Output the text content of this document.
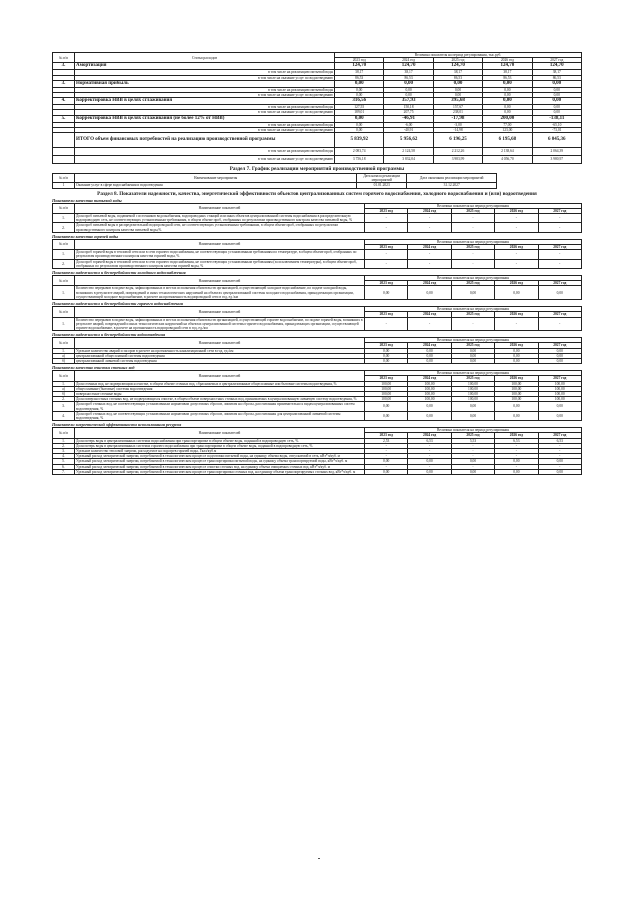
№ п/п	Статьи расходов	Величина показателя на период регулирования, тыс.руб.				
		2023 год	2024 год	2025 год	2026 год	2027 год
3.	Амортизация	124,70	124,70	124,70	124,70	124,70
	в том числе на реализацию питьевой воды	38,17	38,17	38,17	38,17	38,17
	в том числе на оказание услуг по водоотведению	86,53	86,53	86,53	86,53	86,53
3.	Нормативная прибыль	0,00	0,00	0,00	0,00	0,00
	в том числе на реализацию питьевой воды	0,00	0,00	0,00	0,00	0,00
	в том числе на оказание услуг по водоотведению	0,00	0,00	0,00	0,00	0,00
4.	Корректировка НВВ в целях сглаживания	316,56	357,93	395,68	0,00	0,00
	в том числе на реализацию питьевой воды	127,55	150,18	157,67	0,00	0,00
	в том числе на оказание услуг по водоотведению	189,01	207,75	238,01	0,00	0,00
5.	Корректировка НВВ в целях сглаживания (не более 12% от НВВ)	0,00	-46,91	-17,98	200,00	-138,11
	в том числе на реализацию питьевой воды	0,00	-6,00	-3,00	77,00	-65,10
	в том числе на оказание услуг по водоотведению	0,00	-40,91	-14,98	123,00	-73,01
	ИТОГО объем финансовых потребностей на реализацию производственной программы	5 839,92	5 956,62	6 196,25	6 195,68	6 045,36
	в том числе на реализацию питьевой воды	2 083,74	2 124,58	2 212,26	2 138,64	2 064,39
	в том числе на оказание услуг по водоотведению	3 756,18	3 832,04	3 983,99	4 056,70	3 980,97
Раздел 7. График реализации мероприятий производственной программы
№ п/п	Наименование мероприятия	Дата начала реализации мероприятий	Дата окончания реализации мероприятий
1	Оказание услуг в сфере водоснабжения и водоотведения	01.01.2023	31.12.2027
Раздел 8. Показатели надежности, качества, энергетической эффективности объектов централизованных систем горячего водоснабжения, холодного водоснабжения и (или) водоотведения
Показатели качества питьевой воды
№ п/п	Наименование показателей	Величина показателя на период регулирования				
		2023 год	2024 год	2025 год	2026 год	2027 год
1.	Доля проб питьевой воды, подаваемой с источников водоснабжения, водопроводных станций или иных объектов централизованной системы водоснабжения в распределительную водопроводную сеть, не соответствующих установленным требованиям, в общем объеме проб, отобранных по результатам производственного контроля качества питьевой воды, %	-	-	-	-	-
2.	Доля проб питьевой воды в распределительной водопроводной сети, не соответствующих установленным требованиям, в общем объеме проб, отобранных по результатам производственного контроля качества питьевой воды,%	-	-	-	-	-
Показатели качества горячей воды
№ п/п	Наименование показателей	Величина показателя на период регулирования				
		2023 год	2024 год	2025 год	2026 год	2027 год
1.	Доля проб горячей воды в тепловой сети или в сети горячего водоснабжения, не соответствующих установленным требованиям по температуре, в общем объеме проб, отобранных по результатам производственного контроля качества горячей воды, %	-	-	-	-	-
2.	Доля проб горячей воды в тепловой сети или в сети горячего водоснабжения, не соответствующих установленным требованиям (за исключением температуры), в общем объеме проб, отобранных по результатам производственного контроля качества горячей воды, %	-	-	-	-	-
Показатели надежности и бесперебойности холодного водоснабжения
№ п/п	Наименование показателей	Величина показателя на период регулирования				
		2023 год	2024 год	2025 год	2026 год	2027 год
1.	Количество перерывов в подаче воды, зафиксированных в местах исполнения обязательств организацией, осуществляющей холодное водоснабжение, по подаче холодной воды, возникших в результате аварий, повреждений и иных технологических нарушений на объектах централизованной системы холодного водоснабжения, принадлежащих организации, осуществляющей холодное водоснабжение, в расчете на протяженность водопроводной сети в год, ед./км	0,00	0,00	0,00	0,00	0,00
Показатели надежности и бесперебойности горячего водоснабжения
№ п/п	Наименование показателей	Величина показателя на период регулирования				
		2023 год	2024 год	2025 год	2026 год	2027 год
1.	Количество перерывов в подаче воды, зафиксированных в местах исполнения обязательств организацией, осуществляющей горячее водоснабжение, по подаче горячей воды, возникших в результате аварий, повреждений и иных технологических нарушений на объектах централизованной системы горячего водоснабжения, принадлежащих организации, осуществляющей горячее водоснабжение, в расчете на протяженность водопроводной сети в год, ед./км	-	-	-	-	-
Показатели надежности и бесперебойности водоотведения
№ п/п	Наименование показателей	Величина показателя на период регулирования				
		2023 год	2024 год	2025 год	2026 год	2027 год
1.	Удельное количество аварий и засоров в расчете на протяженность канализационной сети в год, ед./км	0,00	0,00	0,00	0,00	0,00
а)	централизованной общесплавной системы водоотведения	0,00	0,00	0,00	0,00	0,00
б)	централизованной ливневой системы водоотведения	0,00	0,00	0,00	0,00	0,00
Показатели качества очистки сточных вод
№ п/п	Наименование показателей	Величина показателя на период регулирования				
		2023 год	2024 год	2025 год	2026 год	2027 год
1.	Доля сточных вод, не подвергающихся очистке, в общем объеме сточных вод, сбрасываемых в централизованные общесплавные или бытовые системы водоотведения, %	100,00	100,00	100,00	100,00	100,00
а)	общесплавные (бытовые) системы водоотведения	100,00	100,00	100,00	100,00	100,00
б)	поверхностные сточные воды	100,00	100,00	100,00	100,00	100,00
2.	Доля поверхностных сточных вод, не подвергающихся очистке, в общем объеме поверхностных сточных вод, принимаемых в централизованную ливневую систему водоотведения, %	100,00	100,00	100,00	100,00	100,00
3.	Доля проб сточных вод, не соответствующих установленным нормативам допустимых сбросов, лимитам на сбросы, рассчитанная применительно к видам централизованных систем водоотведения, %	0,00	0,00	0,00	0,00	0,00
4.	Доля проб сточных вод, не соответствующих установленным нормативам допустимых сбросов, лимитам на сбросы, рассчитанная для централизованной ливневой системы водоотведения, %	0,00	0,00	0,00	0,00	0,00
Показатели энергетической эффективности использования ресурсов
№ п/п	Наименование показателей	Величина показателя на период регулирования				
		2023 год	2024 год	2025 год	2026 год	2027 год
1.	Доля потерь воды в централизованных системах водоснабжения при транспортировке в общем объеме воды, поданной в водопроводную сеть, %	2,53	6,53	5,53	6,53	6,53
2.	Доля потерь воды в централизованных системах горячего водоснабжения при транспортировке в общем объеме воды, поданной в водопроводную сеть, %	-	-	-	-	-
3.	Удельное количество тепловой энергии, расходуемое на подогрев горячей воды, Гкал/куб.м	-	-	-	-	-
4.	Удельный расход электрической энергии, потребляемой в технологическом процессе подготовки питьевой воды, на единицу объема воды, отпускаемой в сеть, кВт*ч/куб. м	-	-	-	-	-
5.	Удельный расход электрической энергии, потребляемой в технологическом процессе транспортировки питьевой воды, на единицу объема транспортируемой воды, кВт*ч/куб. м	0,00	0,00	0,00	0,00	0,00
6.	Удельный расход электрической энергии, потребляемой в технологическом процессе очистки сточных вод, на единицу объема очищаемых сточных вод, кВт*ч/куб. м	-	-	-	-	-
7.	Удельный расход электрической энергии, потребляемой в технологическом процессе транспортировки сточных вод, на единицу объема транспортируемых сточных вод, кВт*ч/куб. м	0,00	0,00	0,00	0,00	0,00
